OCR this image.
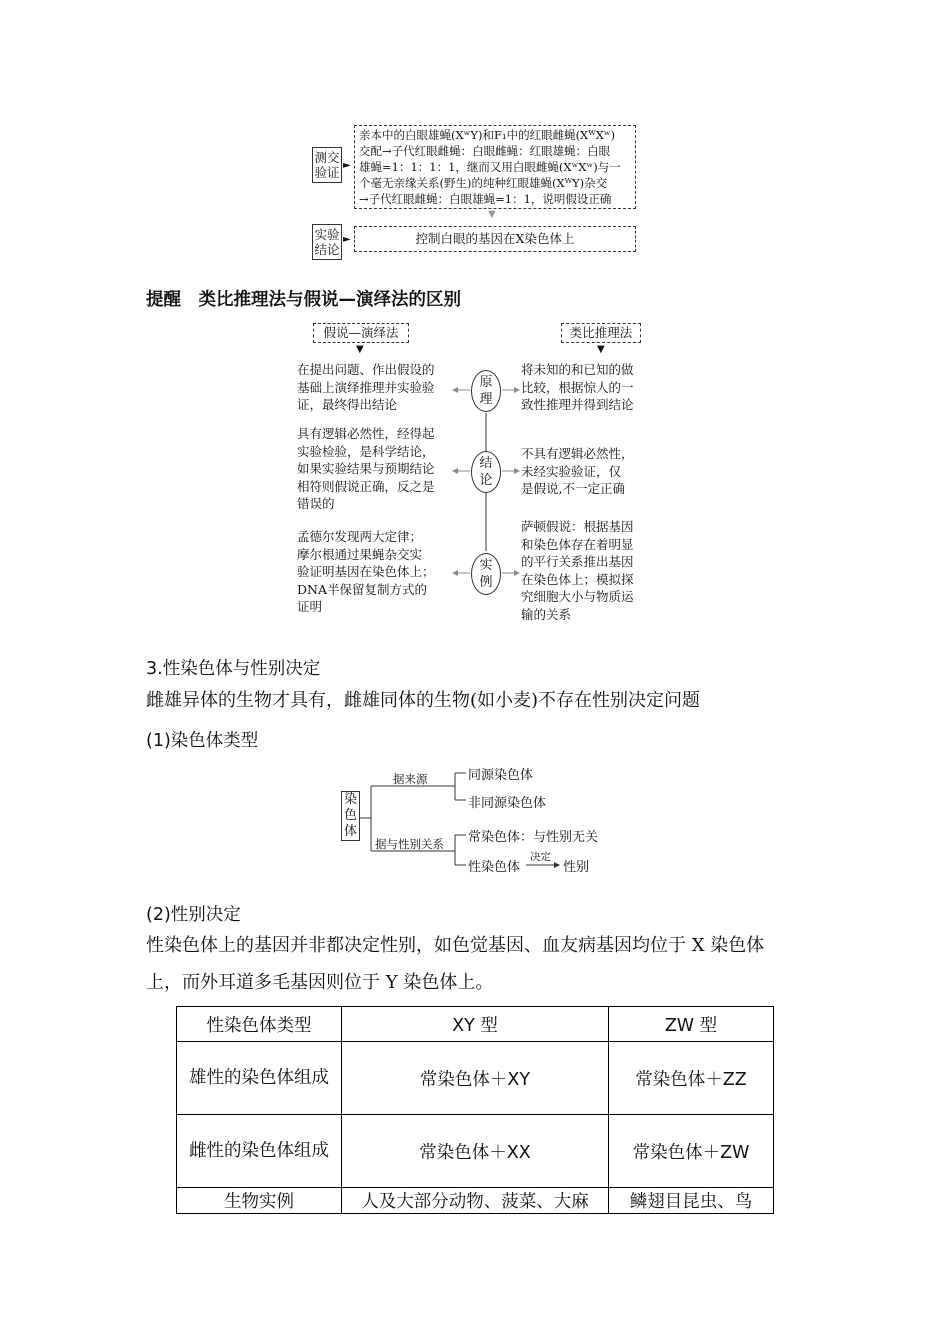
测交
验证 ►
亲本中的白眼雄蝇(XʷY)和F₁中的红眼雌蝇(XᵂXʷ)
交配→子代红眼雌蝇：白眼雌蝇：红眼雄蝇：白眼
雄蝇=1：1：1：1，继而又用白眼雌蝇(XʷXʷ)与一
个毫无亲缘关系(野生)的纯种红眼雄蝇(XᵂY)杂交
→子代红眼雌蝇：白眼雄蝇=1：1，说明假设正确
▼
实验
结论
►	控制白眼的基因在X染色体上
提醒　类比推理法与假说—演绎法的区别
假说—演绎法	类比推理法
▼	▼
原
理
在提出问题、作出假设的
基础上演绎推理并实验验
证，最终得出结论
将未知的和已知的做
比较，根据惊人的一
致性推理并得到结论
结
论
具有逻辑必然性，经得起
实验检验，是科学结论，
如果实验结果与预期结论
相符则假说正确，反之是
错误的
不具有逻辑必然性，
未经实验验证，仅
是假说,不一定正确
实
例
孟德尔发现两大定律；
摩尔根通过果蝇杂交实
验证明基因在染色体上；
DNA半保留复制方式的
证明
萨顿假说：根据基因
和染色体存在着明显
的平行关系推出基因
在染色体上；模拟探
究细胞大小与物质运
输的关系
3.性染色体与性别决定
雌雄异体的生物才具有，雌雄同体的生物(如小麦)不存在性别决定问题
(1)染色体类型
染
色
体
据来源	同源染色体
非同源染色体
据与性别关系 常染色体：与性别无关
性染色体
决定
性别
(2)性别决定
性染色体上的基因并非都决定性别，如色觉基因、血友病基因均位于 X 染色体
上，而外耳道多毛基因则位于 Y 染色体上。
性染色体类型	XY 型	ZW 型
雄性的染色体组成	常染色体＋XY	常染色体＋ZZ
雌性的染色体组成	常染色体＋XX	常染色体＋ZW
生物实例	人及大部分动物、菠菜、大麻	鳞翅目昆虫、鸟
